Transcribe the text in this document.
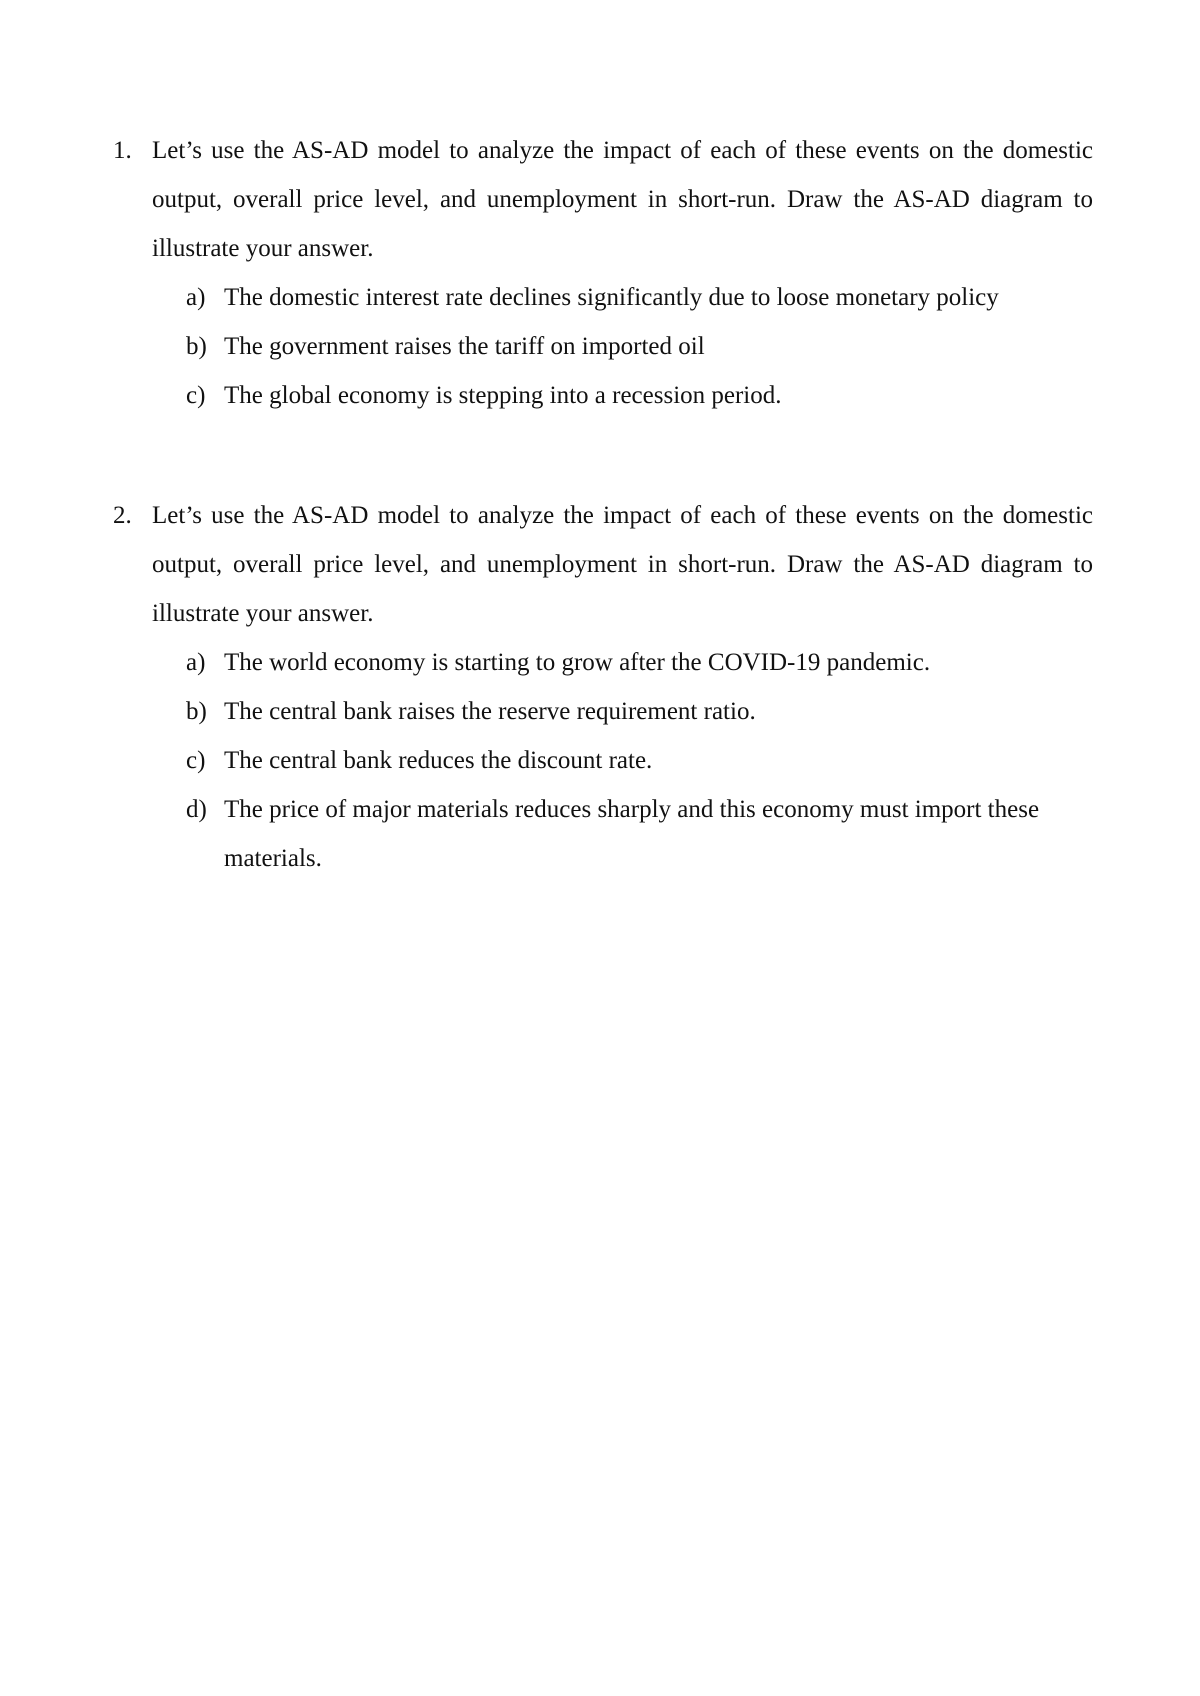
1. Let’s use the AS-AD model to analyze the impact of each of these events on the domestic output, overall price level, and unemployment in short-run. Draw the AS-AD diagram to illustrate your answer.
a) The domestic interest rate declines significantly due to loose monetary policy
b) The government raises the tariff on imported oil
c) The global economy is stepping into a recession period.
2. Let’s use the AS-AD model to analyze the impact of each of these events on the domestic output, overall price level, and unemployment in short-run. Draw the AS-AD diagram to illustrate your answer.
a) The world economy is starting to grow after the COVID-19 pandemic.
b) The central bank raises the reserve requirement ratio.
c) The central bank reduces the discount rate.
d) The price of major materials reduces sharply and this economy must import these materials.
